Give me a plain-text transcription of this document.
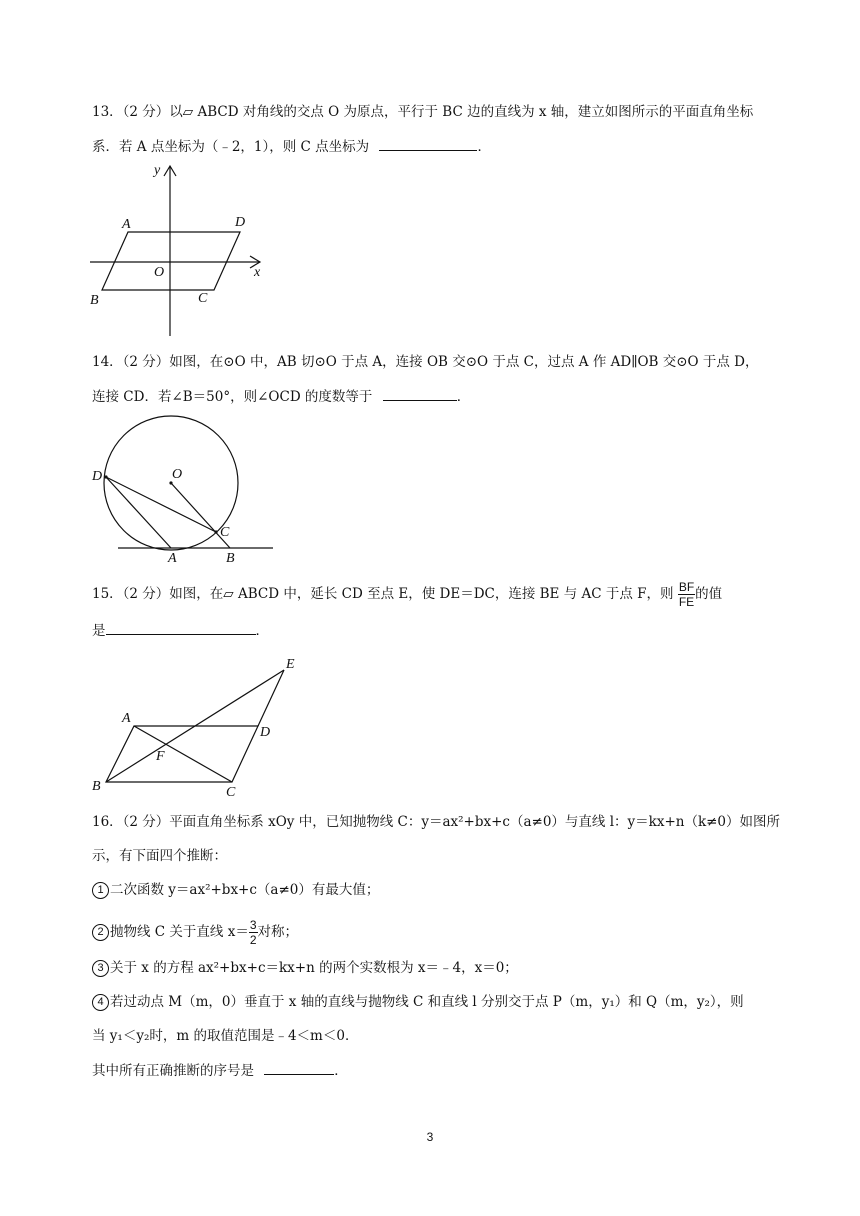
13．（2 分）以▱ ABCD 对角线的交点 O 为原点，平行于 BC 边的直线为 x 轴，建立如图所示的平面直角坐标
系．若 A 点坐标为（﹣2，1），则 C 点坐标为	．
y
x
A	D
O
B	C
14．（2 分）如图，在⊙O 中，AB 切⊙O 于点 A，连接 OB 交⊙O 于点 C，过点 A 作 AD∥OB 交⊙O 于点 D，
连接 CD．若∠B＝50°，则∠OCD 的度数等于	．
D	O
C
A	B
15．（2 分）如图，在▱ ABCD 中，延长 CD 至点 E，使 DE＝DC，连接 BE 与 AC 于点 F，则 $\frac{BF}{FE}$ 的值
是	．
E
A
D
F
B	C
16．（2 分）平面直角坐标系 xOy 中，已知抛物线 C：y＝ax²+bx+c（a≠0）与直线 l：y＝kx+n（k≠0）如图所
示，有下面四个推断：
1 二次函数 y＝ax²+bx+c（a≠0）有最大值；
2 抛物线 C 关于直线 $x= \frac{3}{2}$ 对称；
3 关于 x 的方程 ax²+bx+c＝kx+n 的两个实数根为 x＝﹣4，x＝0；
4 若过动点 M（m，0）垂直于 x 轴的直线与抛物线 C 和直线 l 分别交于点 P（m，y₁）和 Q（m，y₂），则
当 y₁＜y₂时，m 的取值范围是﹣4＜m＜0．
其中所有正确推断的序号是	．
3
